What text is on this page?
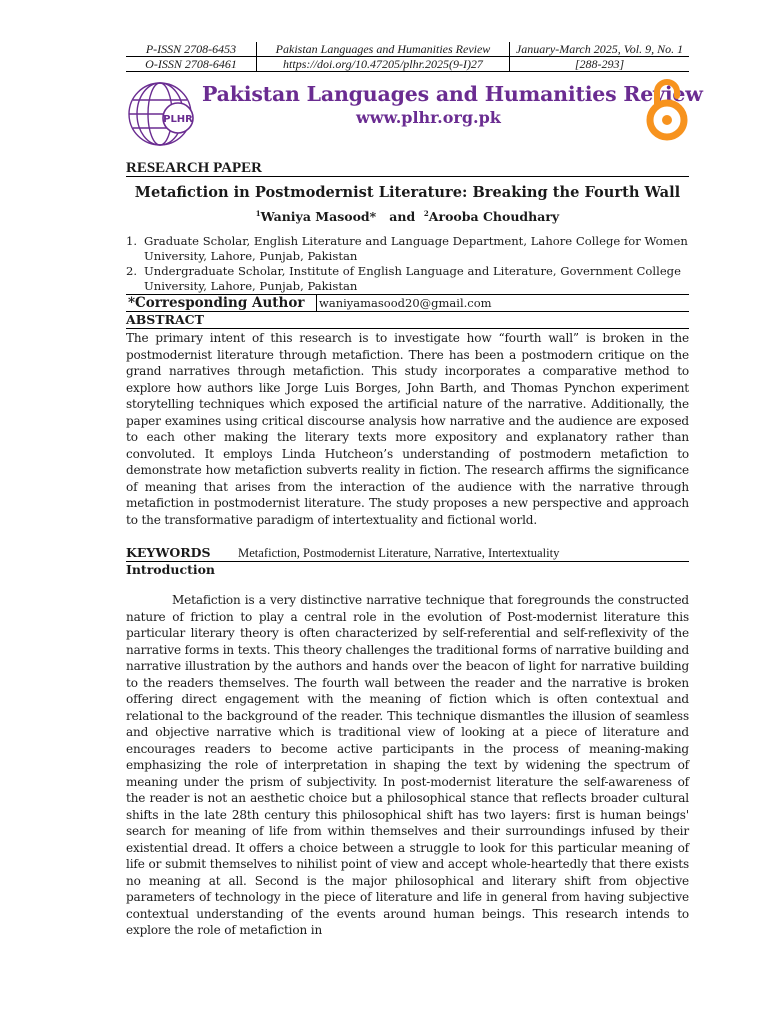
P-ISSN 2708-6453	Pakistan Languages and Humanities Review	January-March 2025, Vol. 9, No. 1
O-ISSN 2708-6461	https://doi.org/10.47205/plhr.2025(9-I)27	[288-293]
PLHR
Pakistan Languages and Humanities Review
www.plhr.org.pk
RESEARCH PAPER
Metafiction in Postmodernist Literature: Breaking the Fourth Wall
$^1$Waniya Masood* and $^2$Arooba Choudhary
1. Graduate Scholar, English Literature and Language Department, Lahore College for Women University, Lahore, Punjab, Pakistan
2. Undergraduate Scholar, Institute of English Language and Literature, Government College University, Lahore, Punjab, Pakistan
*Corresponding Author	waniyamasood20@gmail.com
ABSTRACT

The primary intent of this research is to investigate how “fourth wall” is broken in the postmodernist literature through metafiction. There has been a postmodern critique on the grand narratives through metafiction. This study incorporates a comparative method to explore how authors like Jorge Luis Borges, John Barth, and Thomas Pynchon experiment storytelling techniques which exposed the artificial nature of the narrative. Additionally, the paper examines using critical discourse analysis how narrative and the audience are exposed to each other making the literary texts more expository and explanatory rather than convoluted. It employs Linda Hutcheon’s understanding of postmodern metafiction to demonstrate how metafiction subverts reality in fiction. The research affirms the significance of meaning that arises from the interaction of the audience with the narrative through metafiction in postmodernist literature. The study proposes a new perspective and approach to the transformative paradigm of intertextuality and fictional world.

KEYWORDS	Metafiction, Postmodernist Literature, Narrative, Intertextuality
Introduction

Metafiction is a very distinctive narrative technique that foregrounds the constructed nature of friction to play a central role in the evolution of Post-modernist literature this particular literary theory is often characterized by self-referential and self-reflexivity of the narrative forms in texts. This theory challenges the traditional forms of narrative building and narrative illustration by the authors and hands over the beacon of light for narrative building to the readers themselves. The fourth wall between the reader and the narrative is broken offering direct engagement with the meaning of fiction which is often contextual and relational to the background of the reader. This technique dismantles the illusion of seamless and objective narrative which is traditional view of looking at a piece of literature and encourages readers to become active participants in the process of meaning-making emphasizing the role of interpretation in shaping the text by widening the spectrum of meaning under the prism of subjectivity. In post-modernist literature the self-awareness of the reader is not an aesthetic choice but a philosophical stance that reflects broader cultural shifts in the late 28th century this philosophical shift has two layers: first is human beings' search for meaning of life from within themselves and their surroundings infused by their existential dread. It offers a choice between a struggle to look for this particular meaning of life or submit themselves to nihilist point of view and accept whole-heartedly that there exists no meaning at all. Second is the major philosophical and literary shift from objective parameters of technology in the piece of literature and life in general from having subjective contextual understanding of the events around human beings. This research intends to explore the role of metafiction in
